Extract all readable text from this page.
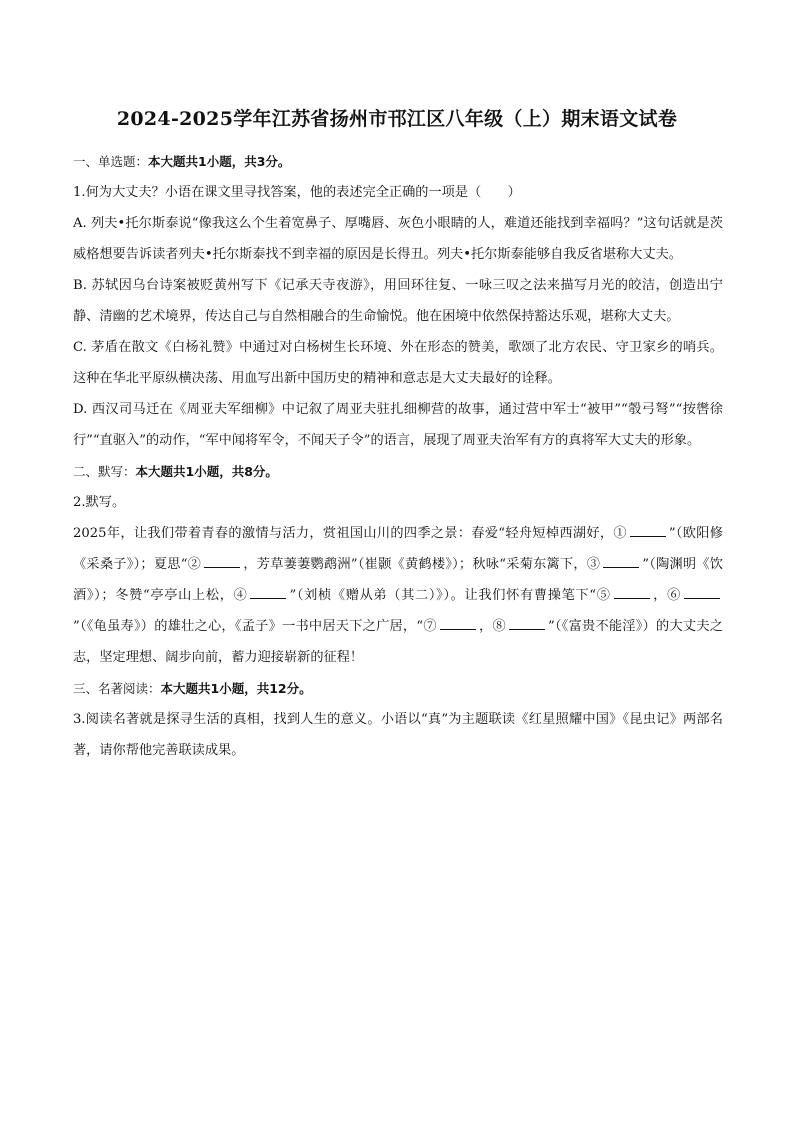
2024-2025学年江苏省扬州市邗江区八年级（上）期末语文试卷

一、单选题：本大题共1小题，共3分。

1.何为大丈夫？小语在课文里寻找答案，他的表述完全正确的一项是（　　）

A. 列夫•托尔斯泰说“像我这么个生着宽鼻子、厚嘴唇、灰色小眼睛的人，难道还能找到幸福吗？”这句话就是茨威格想要告诉读者列夫•托尔斯泰找不到幸福的原因是长得丑。列夫•托尔斯泰能够自我反省堪称大丈夫。

B. 苏轼因乌台诗案被贬黄州写下《记承天寺夜游》，用回环往复、一咏三叹之法来描写月光的皎洁，创造出宁静、清幽的艺术境界，传达自己与自然相融合的生命愉悦。他在困境中依然保持豁达乐观，堪称大丈夫。

C. 茅盾在散文《白杨礼赞》中通过对白杨树生长环境、外在形态的赞美，歌颂了北方农民、守卫家乡的哨兵。这种在华北平原纵横决荡、用血写出新中国历史的精神和意志是大丈夫最好的诠释。

D. 西汉司马迁在《周亚夫军细柳》中记叙了周亚夫驻扎细柳营的故事，通过营中军士“被甲”“彀弓弩”“按辔徐行”“直驱入”的动作，“军中闻将军令，不闻天子令”的语言，展现了周亚夫治军有方的真将军大丈夫的形象。

二、默写：本大题共1小题，共8分。

2.默写。

2025年，让我们带着青春的激情与活力，赏祖国山川的四季之景：春爱“轻舟短棹西湖好，①	”（欧阳修《采桑子》）；夏思“②	，芳草萋萋鹦鹉洲”（崔颢《黄鹤楼》）；秋咏“采菊东篱下，③	”（陶渊明《饮酒》）；冬赞“亭亭山上松，④	”（刘桢《赠从弟（其二）》）。让我们怀有曹操笔下“⑤	，⑥”（《龟虽寿》）的雄壮之心，《孟子》一书中居天下之广居，“⑦	，⑧	”（《富贵不能淫》）的大丈夫之志，坚定理想、阔步向前，蓄力迎接崭新的征程！

三、名著阅读：本大题共1小题，共12分。

3.阅读名著就是探寻生活的真相，找到人生的意义。小语以“真”为主题联读《红星照耀中国》《昆虫记》两部名著，请你帮他完善联读成果。
